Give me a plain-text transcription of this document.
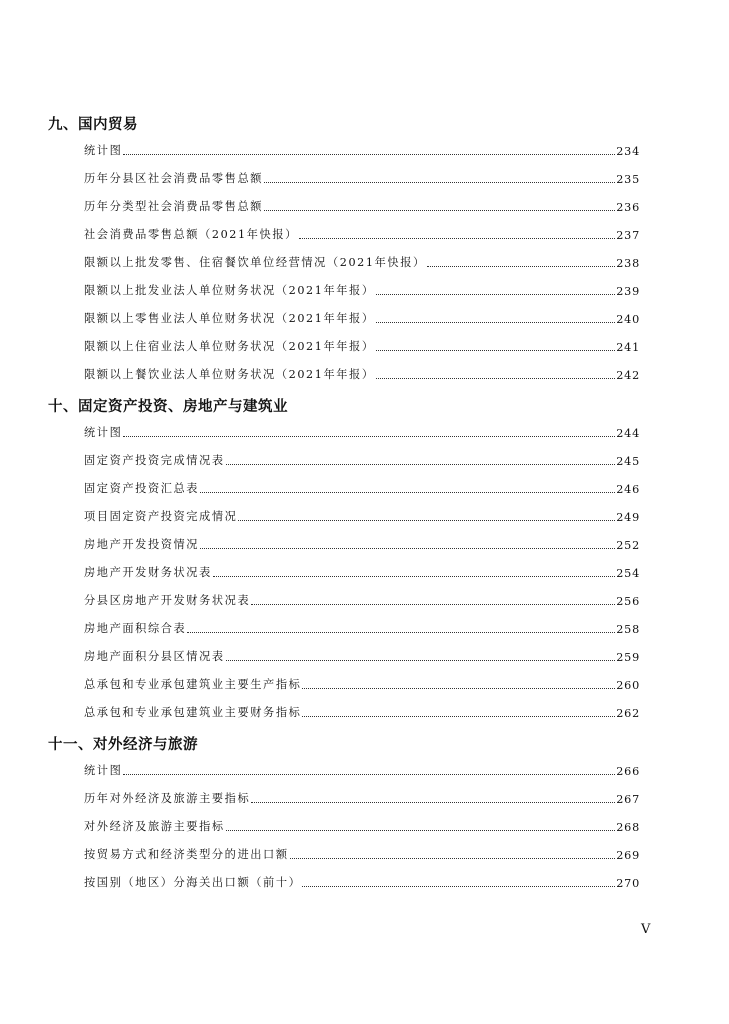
九、国内贸易
统计图	234
历年分县区社会消费品零售总额	235
历年分类型社会消费品零售总额	236
社会消费品零售总额（2021年快报）	237
限额以上批发零售、住宿餐饮单位经营情况（2021年快报）	238
限额以上批发业法人单位财务状况（2021年年报）	239
限额以上零售业法人单位财务状况（2021年年报）	240
限额以上住宿业法人单位财务状况（2021年年报）	241
限额以上餐饮业法人单位财务状况（2021年年报）	242
十、固定资产投资、房地产与建筑业
统计图	244
固定资产投资完成情况表	245
固定资产投资汇总表	246
项目固定资产投资完成情况	249
房地产开发投资情况	252
房地产开发财务状况表	254
分县区房地产开发财务状况表	256
房地产面积综合表	258
房地产面积分县区情况表	259
总承包和专业承包建筑业主要生产指标	260
总承包和专业承包建筑业主要财务指标	262
十一、对外经济与旅游
统计图	266
历年对外经济及旅游主要指标	267
对外经济及旅游主要指标	268
按贸易方式和经济类型分的进出口额	269
按国别（地区）分海关出口额（前十）	270
V
